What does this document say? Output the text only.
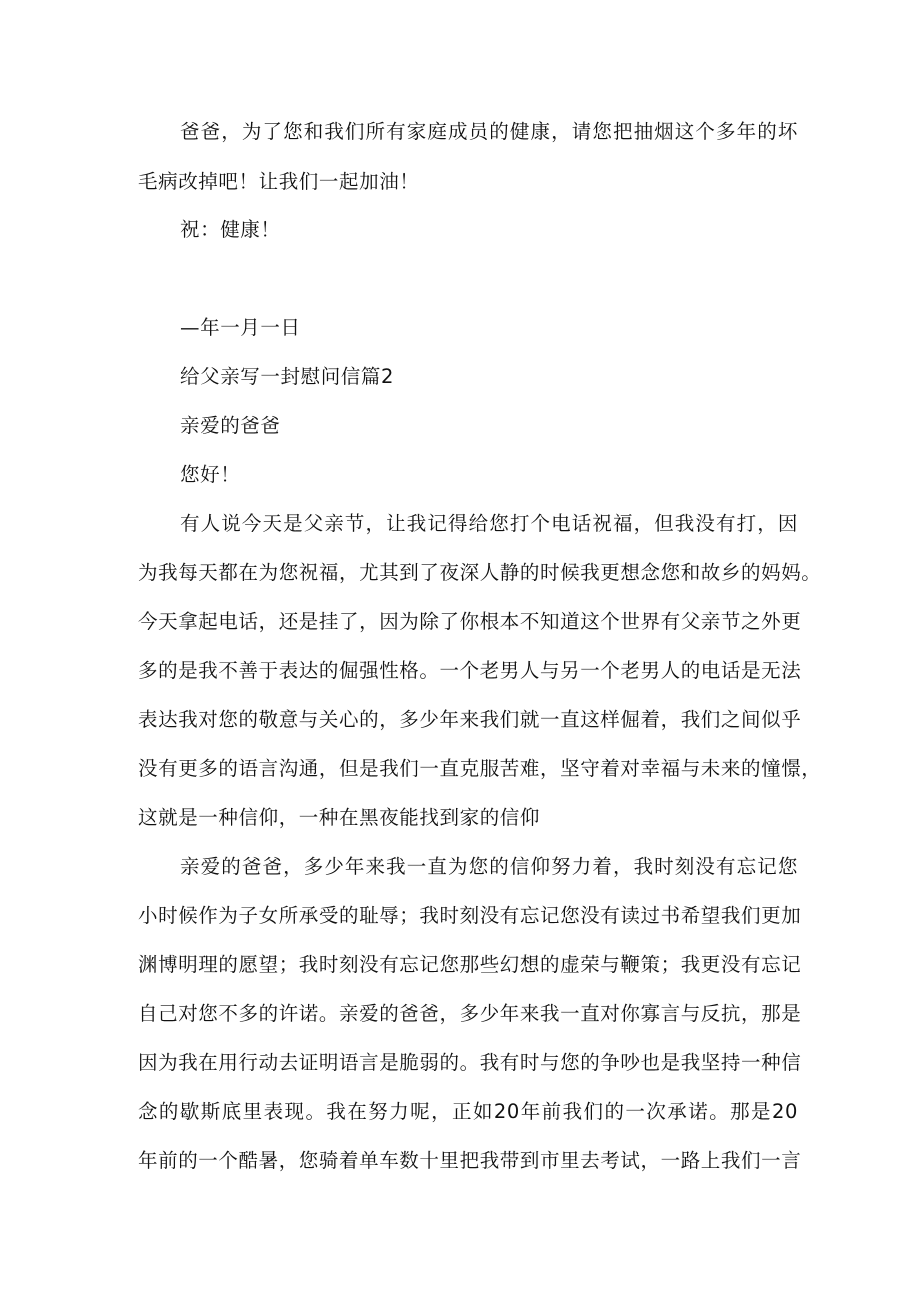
爸爸，为了您和我们所有家庭成员的健康，请您把抽烟这个多年的坏
毛病改掉吧！让我们一起加油！
祝：健康！
—年一月一日
给父亲写一封慰问信篇2
亲爱的爸爸
您好！
有人说今天是父亲节，让我记得给您打个电话祝福，但我没有打，因
为我每天都在为您祝福，尤其到了夜深人静的时候我更想念您和故乡的妈妈。
今天拿起电话，还是挂了，因为除了你根本不知道这个世界有父亲节之外更
多的是我不善于表达的倔强性格。一个老男人与另一个老男人的电话是无法
表达我对您的敬意与关心的，多少年来我们就一直这样倔着，我们之间似乎
没有更多的语言沟通，但是我们一直克服苦难，坚守着对幸福与未来的憧憬，
这就是一种信仰，一种在黑夜能找到家的信仰
亲爱的爸爸，多少年来我一直为您的信仰努力着，我时刻没有忘记您
小时候作为子女所承受的耻辱；我时刻没有忘记您没有读过书希望我们更加
渊博明理的愿望；我时刻没有忘记您那些幻想的虚荣与鞭策；我更没有忘记
自己对您不多的许诺。亲爱的爸爸，多少年来我一直对你寡言与反抗，那是
因为我在用行动去证明语言是脆弱的。我有时与您的争吵也是我坚持一种信
念的歇斯底里表现。我在努力呢，正如20年前我们的一次承诺。那是20
年前的一个酷暑，您骑着单车数十里把我带到市里去考试，一路上我们一言
